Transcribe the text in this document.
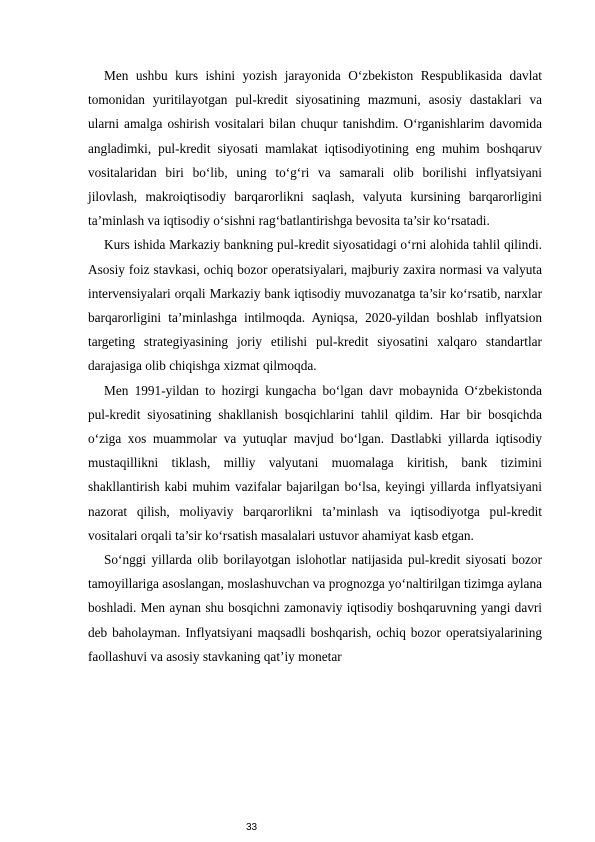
Men ushbu kurs ishini yozish jarayonida O‘zbekiston Respublikasida davlat tomonidan yuritilayotgan pul-kredit siyosatining mazmuni, asosiy dastaklari va ularni amalga oshirish vositalari bilan chuqur tanishdim. O‘rganishlarim davomida angladimki, pul-kredit siyosati mamlakat iqtisodiyotining eng muhim boshqaruv vositalaridan biri bo‘lib, uning to‘g‘ri va samarali olib borilishi inflyatsiyani jilovlash, makroiqtisodiy barqarorlikni saqlash, valyuta kursining barqarorligini ta’minlash va iqtisodiy o‘sishni rag‘batlantirishga bevosita ta’sir ko‘rsatadi.

Kurs ishida Markaziy bankning pul-kredit siyosatidagi o‘rni alohida tahlil qilindi. Asosiy foiz stavkasi, ochiq bozor operatsiyalari, majburiy zaxira normasi va valyuta intervensiyalari orqali Markaziy bank iqtisodiy muvozanatga ta’sir ko‘rsatib, narxlar barqarorligini ta’minlashga intilmoqda. Ayniqsa, 2020-yildan boshlab inflyatsion targeting strategiyasining joriy etilishi pul-kredit siyosatini xalqaro standartlar darajasiga olib chiqishga xizmat qilmoqda.

Men 1991-yildan to hozirgi kungacha bo‘lgan davr mobaynida O‘zbekistonda pul-kredit siyosatining shakllanish bosqichlarini tahlil qildim. Har bir bosqichda o‘ziga xos muammolar va yutuqlar mavjud bo‘lgan. Dastlabki yillarda iqtisodiy mustaqillikni tiklash, milliy valyutani muomalaga kiritish, bank tizimini shakllantirish kabi muhim vazifalar bajarilgan bo‘lsa, keyingi yillarda inflyatsiyani nazorat qilish, moliyaviy barqarorlikni ta’minlash va iqtisodiyotga pul-kredit vositalari orqali ta’sir ko‘rsatish masalalari ustuvor ahamiyat kasb etgan.

So‘nggi yillarda olib borilayotgan islohotlar natijasida pul-kredit siyosati bozor tamoyillariga asoslangan, moslashuvchan va prognozga yo‘naltirilgan tizimga aylana boshladi. Men aynan shu bosqichni zamonaviy iqtisodiy boshqaruvning yangi davri deb baholayman. Inflyatsiyani maqsadli boshqarish, ochiq bozor operatsiyalarining faollashuvi va asosiy stavkaning qat’iy monetar

33
